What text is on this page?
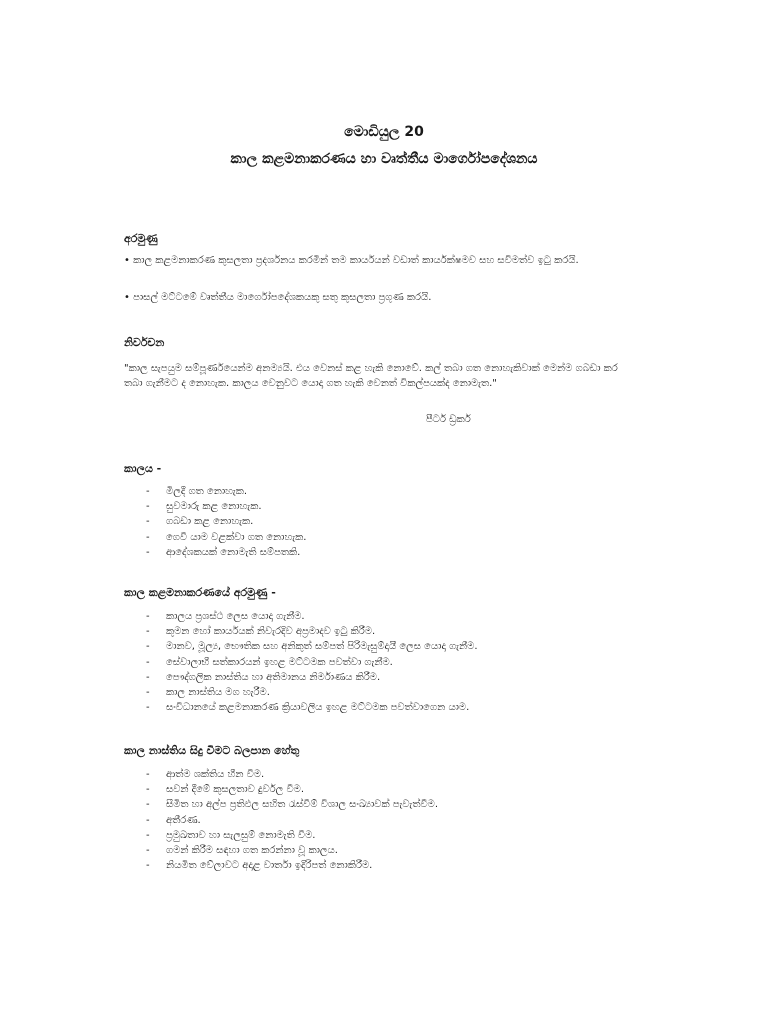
මොඩියුල 20
කාල කළමනාකරණය හා වෘත්තීය මාර්ගෝපදේශනය
අරමුණු
• කාල කළමනාකරණ කුසලතා ප්‍රදර්ශනය කරමින් තම කාර්යයන් වඩාත් කාර්යක්ෂමව සහ සවිමත්ව ඉටු කරයි.
• පාසල් මට්ටමේ වෘත්තීය මාර්ගෝපදේශකයකු සතු කුසලතා ප්‍රගුණ කරයි.
නිර්වචන
"කාල සැපයුම සම්පූර්ණයෙන්ම අනම්‍යයි. එය වෙනස් කළ හැකි නොවේ. කල් තබා ගත නොහැකිවාක් මෙන්ම ගබඩා කර තබා ගැනීමට ද නොහැක. කාලය වෙනුවට යොදා ගත හැකි වෙනත් විකල්පයක්ද නොමැත."
පීටර් ඩ්‍රකර්
කාලය -
- මිලදී ගත නොහැක.
- සුවමාරු කළ නොහැක.
- ගබඩා කළ නොහැක.
- ගෙවී යාම වළක්වා ගත නොහැක.
- ආදේශකයක් නොමැති සම්පතකි.
කාල කළමනාකරණයේ අරමුණු -
- කාලය ප්‍රශස්ථ ලෙස යොදා ගැනීම.
- කුමන හෝ කාර්යයක් නිවැරදිව අප්‍රමාදව ඉටු කිරීම.
- මානව, මූල්‍ය, භෞතික සහ අනිකුත් සම්පත් පිරිමැසුම්දායී ලෙස යොදා ගැනීම.
- සේවාලාභී සත්කාරයන් ඉහළ මට්ටමක පවත්වා ගැනීම.
- පෞද්ගලික නාස්තිය හා අතිමානය නිර්මාණය කිරීම.
- කාල නාස්තිය මග හැරීම.
- සංවිධානයේ කළමනාකරණ ක්‍රියාවලිය ඉහළ මට්ටමක පවත්වාගෙන යාම.
කාල නාස්තිය සිදු වීමට බලපාන හේතු
- ආත්ම ශක්තිය හීන වීම.
- සවන් දීමේ කුසලතාව දුර්වල වීම.
- සීමිත හා අල්ප ප්‍රතිඵල සහිත රැස්වීම් විශාල සංඛ්‍යාවක් පැවැත්වීම.
- අතීරණ.
- ප්‍රමුඛතාව හා සැලසුම් නොමැති වීම.
- ගමන් කිරීම සඳහා ගත කරන්නා වූ කාලය.
- නියමිත වේලාවට අදාළ වාර්තා ඉදිරිපත් නොකිරීම.
